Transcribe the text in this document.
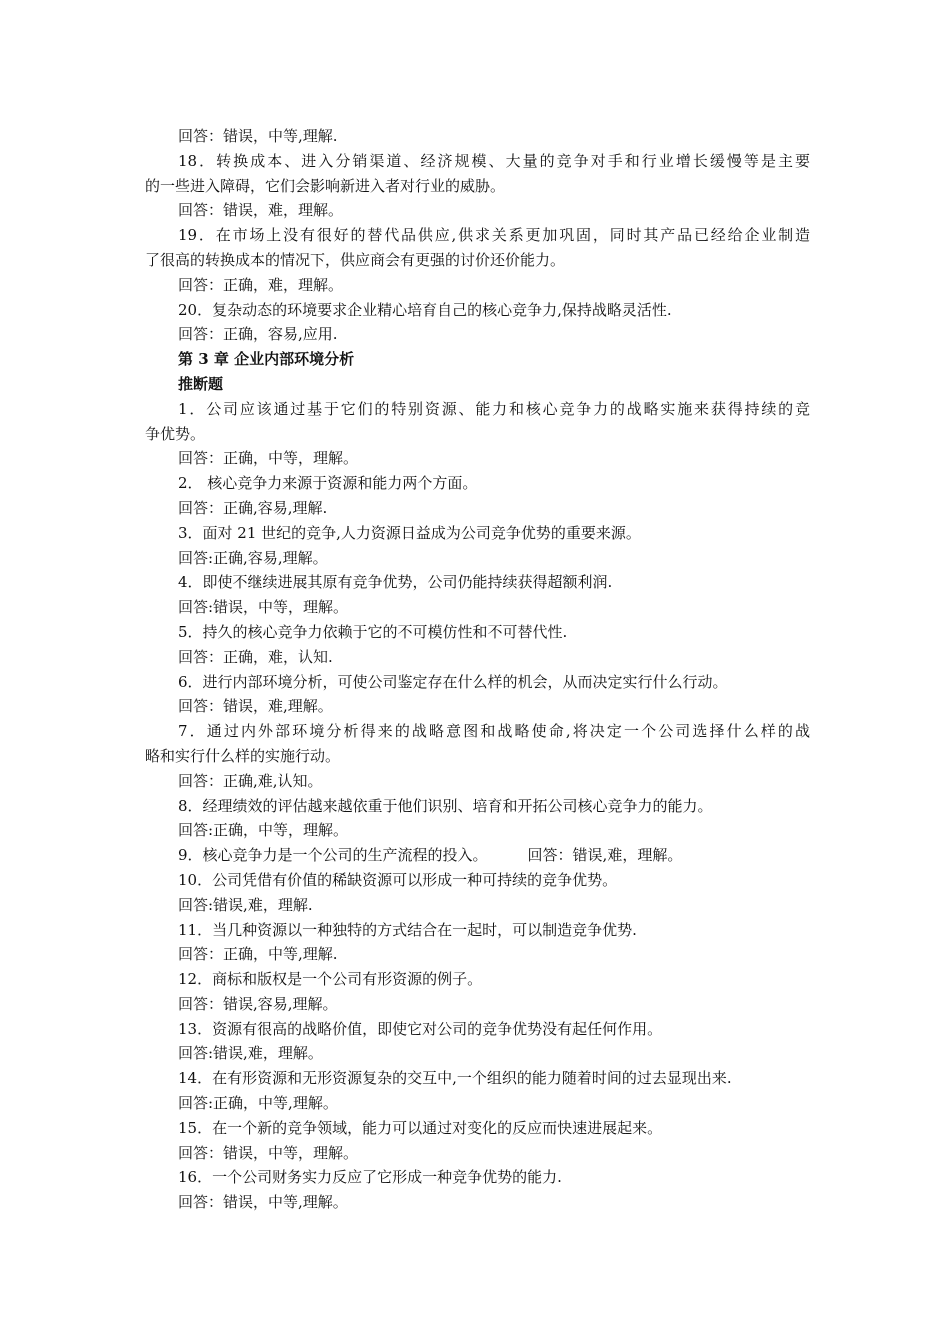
回答：错误，中等,理解.
18．转换成本、进入分销渠道、经济规模、大量的竞争对手和行业增长缓慢等是主要
的一些进入障碍，它们会影响新进入者对行业的威胁。
回答：错误，难，理解。
19．在市场上没有很好的替代品供应,供求关系更加巩固，同时其产品已经给企业制造
了很高的转换成本的情况下，供应商会有更强的讨价还价能力。
回答：正确，难，理解。
20．复杂动态的环境要求企业精心培育自己的核心竞争力,保持战略灵活性.
回答：正确，容易,应用.
第 3 章 企业内部环境分析
推断题
1．公司应该通过基于它们的特别资源、能力和核心竞争力的战略实施来获得持续的竞
争优势。
回答：正确，中等，理解。
2． 核心竞争力来源于资源和能力两个方面。
回答：正确,容易,理解.
3．面对 21 世纪的竞争,人力资源日益成为公司竞争优势的重要来源。
回答:正确,容易,理解。
4．即使不继续进展其原有竞争优势，公司仍能持续获得超额利润.
回答:错误，中等，理解。
5．持久的核心竞争力依赖于它的不可模仿性和不可替代性.
回答：正确，难，认知.
6．进行内部环境分析，可使公司鉴定存在什么样的机会，从而决定实行什么行动。
回答：错误，难,理解。
7．通过内外部环境分析得来的战略意图和战略使命,将决定一个公司选择什么样的战
略和实行什么样的实施行动。
回答：正确,难,认知。
8．经理绩效的评估越来越依重于他们识别、培育和开拓公司核心竞争力的能力。
回答:正确，中等，理解。
9．核心竞争力是一个公司的生产流程的投入。	回答：错误,难，理解。
10．公司凭借有价值的稀缺资源可以形成一种可持续的竞争优势。
回答:错误,难，理解.
11．当几种资源以一种独特的方式结合在一起时，可以制造竞争优势.
回答：正确，中等,理解.
12．商标和版权是一个公司有形资源的例子。
回答：错误,容易,理解。
13．资源有很高的战略价值，即使它对公司的竞争优势没有起任何作用。
回答:错误,难，理解。
14．在有形资源和无形资源复杂的交互中,一个组织的能力随着时间的过去显现出来.
回答:正确，中等,理解。
15．在一个新的竞争领域，能力可以通过对变化的反应而快速进展起来。
回答：错误，中等，理解。
16．一个公司财务实力反应了它形成一种竞争优势的能力.
回答：错误，中等,理解。
